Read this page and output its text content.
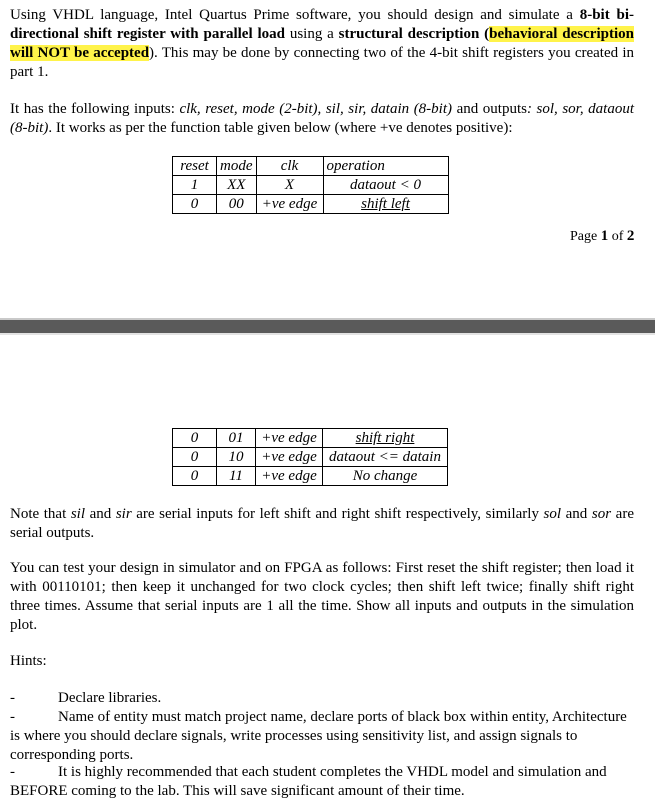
Using VHDL language, Intel Quartus Prime software, you should design and simulate a 8-bit bi-directional shift register with parallel load using a structural description (behavioral description will NOT be accepted). This may be done by connecting two of the 4-bit shift registers you created in part 1.

It has the following inputs: clk, reset, mode (2-bit), sil, sir, datain (8-bit) and outputs: sol, sor, dataout (8-bit). It works as per the function table given below (where +ve denotes positive):

reset	mode	clk	operation
1	XX	X	dataout < 0
0	00	+ve edge	shift left
Page 1 of 2
0	01	+ve edge	shift right
0	10	+ve edge	dataout <= datain
0	11	+ve edge	No change

Note that sil and sir are serial inputs for left shift and right shift respectively, similarly sol and sor are serial outputs.

You can test your design in simulator and on FPGA as follows: First reset the shift register; then load it with 00110101; then keep it unchanged for two clock cycles; then shift left twice; finally shift right three times. Assume that serial inputs are 1 all the time. Show all inputs and outputs in the simulation plot.

Hints:

-	Declare libraries.

-	Name of entity must match project name, declare ports of black box within entity, Architecture is where you should declare signals, write processes using sensitivity list, and assign signals to corresponding ports.

-	It is highly recommended that each student completes the VHDL model and simulation and BEFORE coming to the lab. This will save significant amount of their time.
